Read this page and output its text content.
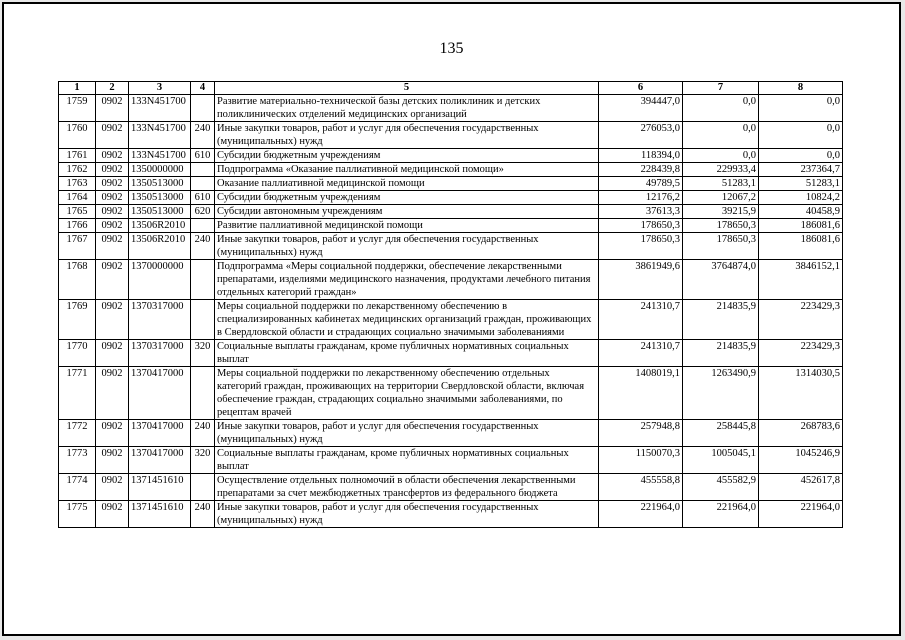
135
1	2	3	4	5	6	7	8
1759	0902	133N451700		Развитие материально-технической базы детских поликлиник и детских поликлинических отделений медицинских организаций	394447,0	0,0	0,0
1760	0902	133N451700	240	Иные закупки товаров, работ и услуг для обеспечения государственных (муниципальных) нужд	276053,0	0,0	0,0
1761	0902	133N451700	610	Субсидии бюджетным учреждениям	118394,0	0,0	0,0
1762	0902	1350000000		Подпрограмма «Оказание паллиативной медицинской помощи»	228439,8	229933,4	237364,7
1763	0902	1350513000		Оказание паллиативной медицинской помощи	49789,5	51283,1	51283,1
1764	0902	1350513000	610	Субсидии бюджетным учреждениям	12176,2	12067,2	10824,2
1765	0902	1350513000	620	Субсидии автономным учреждениям	37613,3	39215,9	40458,9
1766	0902	13506R2010		Развитие паллиативной медицинской помощи	178650,3	178650,3	186081,6
1767	0902	13506R2010	240	Иные закупки товаров, работ и услуг для обеспечения государственных (муниципальных) нужд	178650,3	178650,3	186081,6
1768	0902	1370000000		Подпрограмма «Меры социальной поддержки, обеспечение лекарственными препаратами, изделиями медицинского назначения, продуктами лечебного питания отдельных категорий граждан»	3861949,6	3764874,0	3846152,1
1769	0902	1370317000		Меры социальной поддержки по лекарственному обеспечению в специализированных кабинетах медицинских организаций граждан, проживающих в Свердловской области и страдающих социально значимыми заболеваниями	241310,7	214835,9	223429,3
1770	0902	1370317000	320	Социальные выплаты гражданам, кроме публичных нормативных социальных выплат	241310,7	214835,9	223429,3
1771	0902	1370417000		Меры социальной поддержки по лекарственному обеспечению отдельных категорий граждан, проживающих на территории Свердловской области, включая обеспечение граждан, страдающих социально значимыми заболеваниями, по рецептам врачей	1408019,1	1263490,9	1314030,5
1772	0902	1370417000	240	Иные закупки товаров, работ и услуг для обеспечения государственных (муниципальных) нужд	257948,8	258445,8	268783,6
1773	0902	1370417000	320	Социальные выплаты гражданам, кроме публичных нормативных социальных выплат	1150070,3	1005045,1	1045246,9
1774	0902	1371451610		Осуществление отдельных полномочий в области обеспечения лекарственными препаратами за счет межбюджетных трансфертов из федерального бюджета	455558,8	455582,9	452617,8
1775	0902	1371451610	240	Иные закупки товаров, работ и услуг для обеспечения государственных (муниципальных) нужд	221964,0	221964,0	221964,0
